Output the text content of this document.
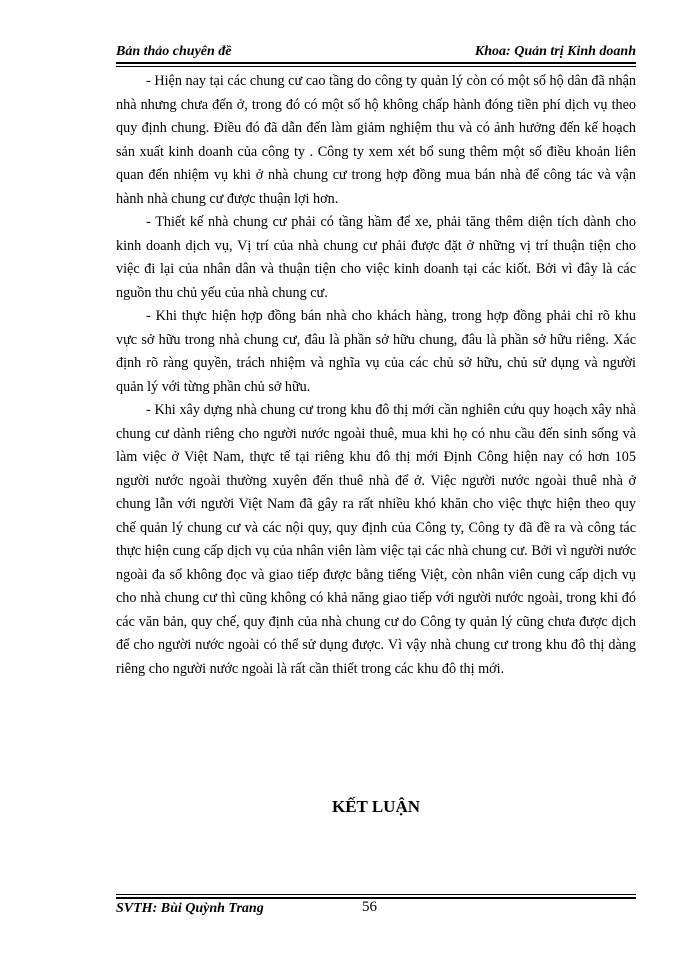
Bản thảo chuyên đề	Khoa: Quản trị Kinh doanh

- Hiện nay tại các chung cư cao tầng do công ty quản lý còn có một số hộ dân đã nhận nhà nhưng chưa đến ở, trong đó có một số hộ không chấp hành đóng tiền phí dịch vụ theo quy định chung. Điều đó đã dẫn đến làm giảm nghiệm thu và có ảnh hưởng đến kế hoạch sản xuất kinh doanh của công ty . Công ty xem xét bổ sung thêm một số điều khoản liên quan đến nhiệm vụ khi ở nhà chung cư trong hợp đồng mua bán nhà để công tác và vận hành nhà chung cư được thuận lợi hơn.

- Thiết kế nhà chung cư phải có tầng hầm để xe, phải tăng thêm diện tích dành cho kinh doanh dịch vụ, Vị trí của nhà chung cư phải được đặt ở những vị trí thuận tiện cho việc đi lại của nhân dân và thuận tiện cho việc kinh doanh tại các kiốt. Bởi vì đây là các nguồn thu chủ yếu của nhà chung cư.

- Khi thực hiện hợp đồng bán nhà cho khách hàng, trong hợp đồng phải chỉ rõ khu vực sở hữu trong nhà chung cư, đâu là phần sở hữu chung, đâu là phần sở hữu riêng. Xác định rõ ràng quyền, trách nhiệm và nghĩa vụ của các chủ sở hữu, chủ sử dụng và người quản lý với từng phần chủ sở hữu.

- Khi xây dựng nhà chung cư trong khu đô thị mới cần nghiên cứu quy hoạch xây nhà chung cư dành riêng cho người nước ngoài thuê, mua khi họ có nhu cầu đến sinh sống và làm việc ở Việt Nam, thực tế tại riêng khu đô thị mới Định Công hiện nay có hơn 105 người nước ngoài thường xuyên đến thuê nhà để ở. Việc người nước ngoài thuê nhà ở chung lẫn với người Việt Nam đã gây ra rất nhiều khó khăn cho việc thực hiện theo quy chế quản lý chung cư và các nội quy, quy định của Công ty, Công ty đã đề ra và công tác thực hiện cung cấp dịch vụ của nhân viên làm việc tại các nhà chung cư. Bởi vì người nước ngoài đa số không đọc và giao tiếp được bằng tiếng Việt, còn nhân viên cung cấp dịch vụ cho nhà chung cư thì cũng không có khả năng giao tiếp với người nước ngoài, trong khi đó các văn bản, quy chế, quy định của nhà chung cư do Công ty quản lý cũng chưa được dịch để cho người nước ngoài có thể sử dụng được. Vì vậy nhà chung cư trong khu đô thị dàng riêng cho người nước ngoài là rất cần thiết trong các khu đô thị mới.

KẾT LUẬN
SVTH: Bùi Quỳnh Trang	56
